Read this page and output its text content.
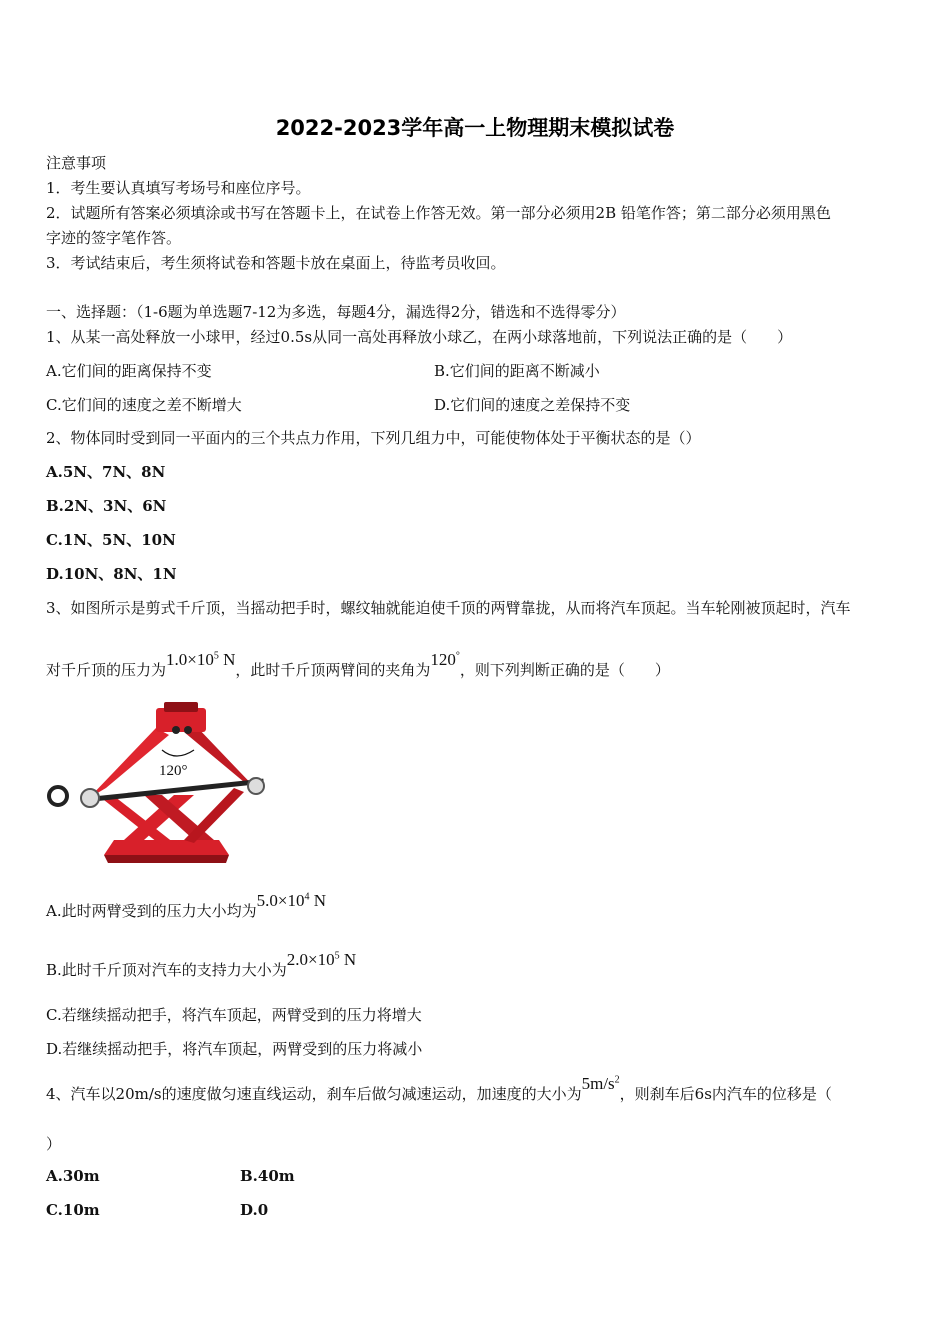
2022-2023学年高一上物理期末模拟试卷
注意事项
1．考生要认真填写考场号和座位序号。
2．试题所有答案必须填涂或书写在答题卡上，在试卷上作答无效。第一部分必须用2B 铅笔作答；第二部分必须用黑色
字迹的签字笔作答。
3．考试结束后，考生须将试卷和答题卡放在桌面上，待监考员收回。
一、选择题：（1-6题为单选题7-12为多选，每题4分，漏选得2分，错选和不选得零分）
1、从某一高处释放一小球甲，经过0.5s从同一高处再释放小球乙，在两小球落地前，下列说法正确的是（　　）
A.它们间的距离保持不变	B.它们间的距离不断减小
C.它们间的速度之差不断增大	D.它们间的速度之差保持不变
2、物体同时受到同一平面内的三个共点力作用，下列几组力中，可能使物体处于平衡状态的是（）
A.5N、7N、8N
B.2N、3N、6N
C.1N、5N、10N
D.10N、8N、1N
3、如图所示是剪式千斤顶，当摇动把手时，螺纹轴就能迫使千顶的两臂靠拢，从而将汽车顶起。当车轮刚被顶起时，汽车
对千斤顶的压力为$1.0\times 10^5$ N，此时千斤顶两臂间的夹角为120°，则下列判断正确的是（　　）
120°
A.此时两臂受到的压力大小均为$5.0\times 10^4$ N
B.此时千斤顶对汽车的支持力大小为$2.0\times 10^5$ N
C.若继续摇动把手，将汽车顶起，两臂受到的压力将增大
D.若继续摇动把手，将汽车顶起，两臂受到的压力将减小
4、汽车以20m/s的速度做匀速直线运动，刹车后做匀减速运动，加速度的大小为$5m/s^2$，则刹车后6s内汽车的位移是（
）
A.30m	B.40m
C.10m	D.0
